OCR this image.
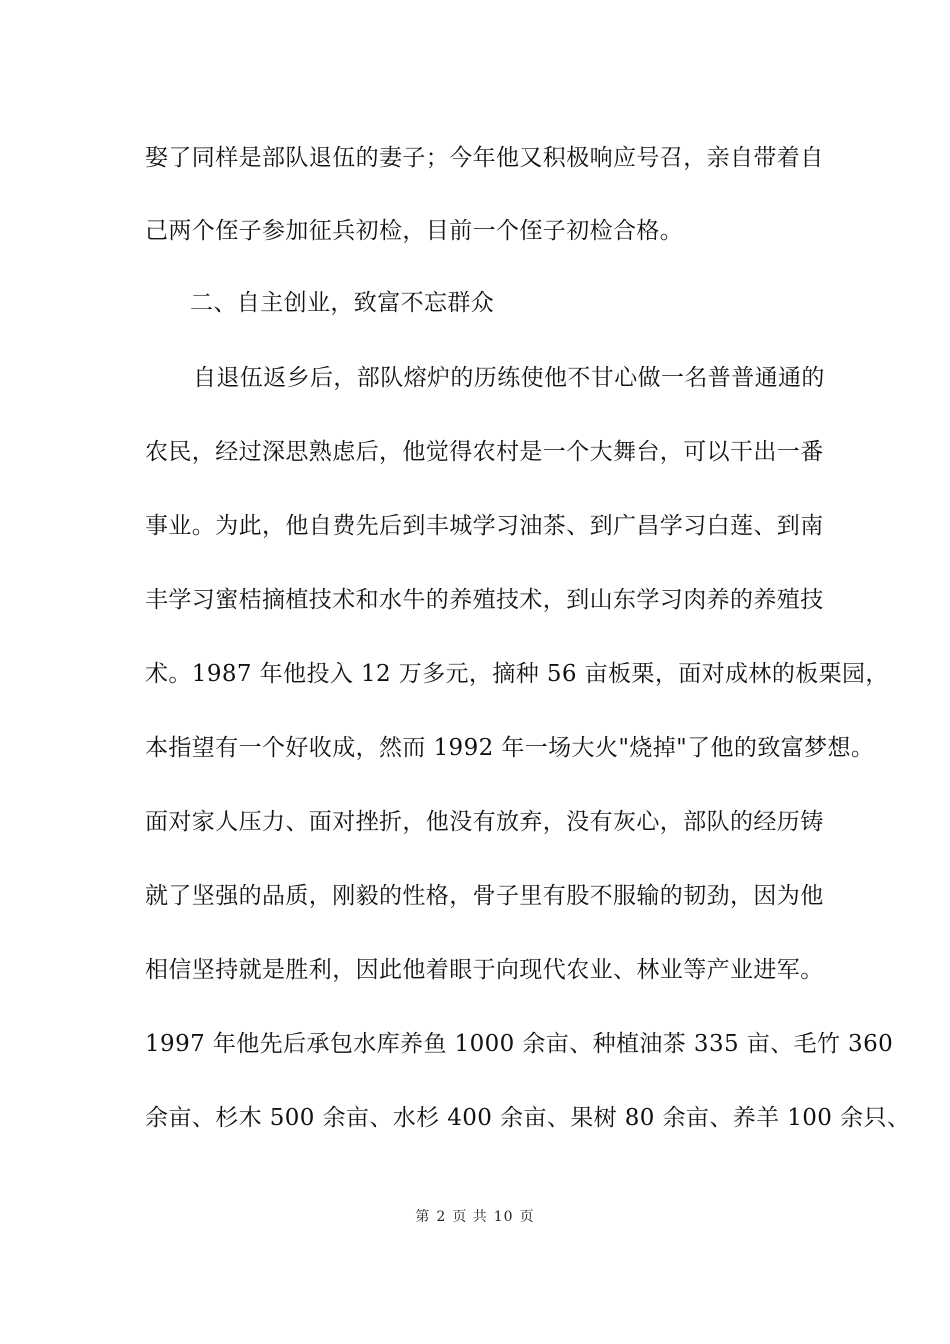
娶了同样是部队退伍的妻子；今年他又积极响应号召，亲自带着自
己两个侄子参加征兵初检，目前一个侄子初检合格。
二、自主创业，致富不忘群众
自退伍返乡后，部队熔炉的历练使他不甘心做一名普普通通的
农民，经过深思熟虑后，他觉得农村是一个大舞台，可以干出一番
事业。为此，他自费先后到丰城学习油茶、到广昌学习白莲、到南
丰学习蜜桔摘植技术和水牛的养殖技术，到山东学习肉养的养殖技
术。1987 年他投入 12 万多元，摘种 56 亩板栗，面对成林的板栗园，
本指望有一个好收成，然而 1992 年一场大火"烧掉"了他的致富梦想。
面对家人压力、面对挫折，他没有放弃，没有灰心，部队的经历铸
就了坚强的品质，刚毅的性格，骨子里有股不服输的韧劲，因为他
相信坚持就是胜利，因此他着眼于向现代农业、林业等产业进军。
1997 年他先后承包水库养鱼 1000 余亩、种植油茶 335 亩、毛竹 360
余亩、杉木 500 余亩、水杉 400 余亩、果树 80 余亩、养羊 100 余只、
第 2 页 共 10 页
